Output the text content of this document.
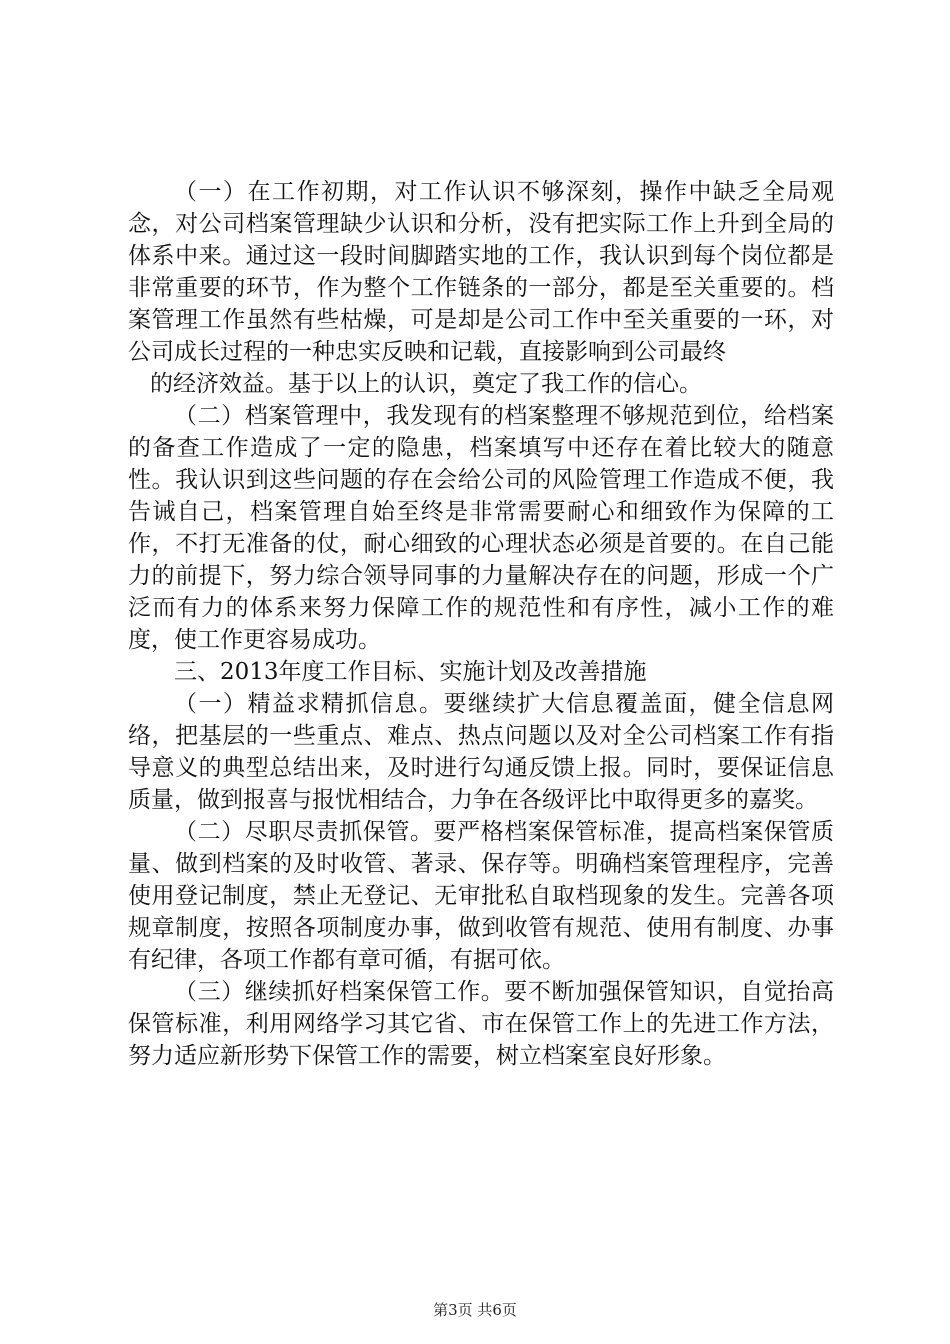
（一）在工作初期，对工作认识不够深刻，操作中缺乏全局观念，对公司档案管理缺少认识和分析，没有把实际工作上升到全局的体系中来。通过这一段时间脚踏实地的工作，我认识到每个岗位都是非常重要的环节，作为整个工作链条的一部分，都是至关重要的。档案管理工作虽然有些枯燥，可是却是公司工作中至关重要的一环，对公司成长过程的一种忠实反映和记载，直接影响到公司最终

的经济效益。基于以上的认识，奠定了我工作的信心。

（二）档案管理中，我发现有的档案整理不够规范到位，给档案的备查工作造成了一定的隐患，档案填写中还存在着比较大的随意性。我认识到这些问题的存在会给公司的风险管理工作造成不便，我告诫自己，档案管理自始至终是非常需要耐心和细致作为保障的工作，不打无准备的仗，耐心细致的心理状态必须是首要的。在自己能力的前提下，努力综合领导同事的力量解决存在的问题，形成一个广泛而有力的体系来努力保障工作的规范性和有序性，减小工作的难度，使工作更容易成功。

三、2013年度工作目标、实施计划及改善措施

（一）精益求精抓信息。要继续扩大信息覆盖面，健全信息网络，把基层的一些重点、难点、热点问题以及对全公司档案工作有指导意义的典型总结出来，及时进行勾通反馈上报。同时，要保证信息质量，做到报喜与报忧相结合，力争在各级评比中取得更多的嘉奖。

（二）尽职尽责抓保管。要严格档案保管标准，提高档案保管质量、做到档案的及时收管、著录、保存等。明确档案管理程序，完善使用登记制度，禁止无登记、无审批私自取档现象的发生。完善各项规章制度，按照各项制度办事，做到收管有规范、使用有制度、办事有纪律，各项工作都有章可循，有据可依。

（三）继续抓好档案保管工作。要不断加强保管知识，自觉抬高保管标准，利用网络学习其它省、市在保管工作上的先进工作方法，努力适应新形势下保管工作的需要，树立档案室良好形象。

第3页 共6页
